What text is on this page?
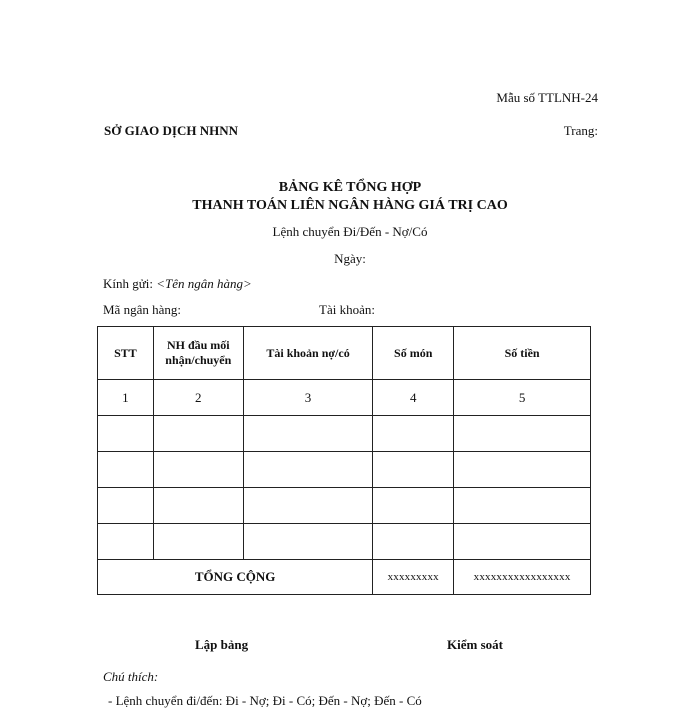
Mẫu số TTLNH-24
SỞ GIAO DỊCH NHNN	Trang:
BẢNG KÊ TỔNG HỢP
THANH TOÁN LIÊN NGÂN HÀNG GIÁ TRỊ CAO
Lệnh chuyển Đi/Đến - Nợ/Có
Ngày:
Kính gửi: <Tên ngân hàng>
Mã ngân hàng:	Tài khoản:
STT	NH đầu mối nhận/chuyển	Tài khoản nợ/có	Số món	Số tiền
1	2	3	4	5

TỔNG CỘNG			xxxxxxxxx	xxxxxxxxxxxxxxxxx
Lập bảng	Kiểm soát
Chú thích:
- Lệnh chuyển đi/đến: Đi - Nợ; Đi - Có; Đến - Nợ; Đến - Có
